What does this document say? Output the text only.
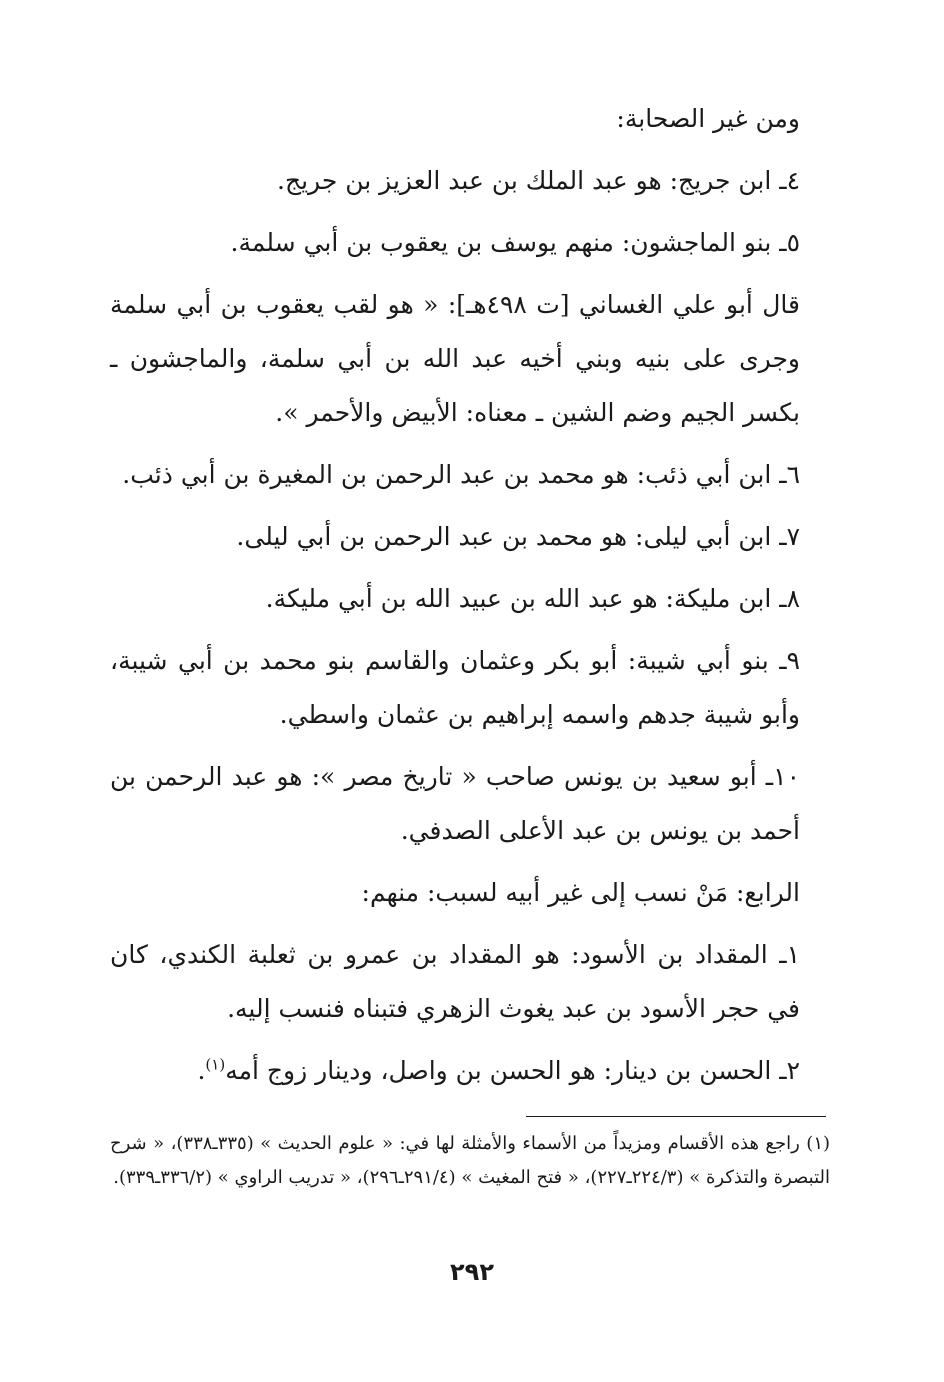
ومن غير الصحابة:

٤ـ ابن جريج: هو عبد الملك بن عبد العزيز بن جريج.

٥ـ بنو الماجشون: منهم يوسف بن يعقوب بن أبي سلمة.

قال أبو علي الغساني [ت ٤٩٨هـ]: « هو لقب يعقوب بن أبي سلمة وجرى على بنيه وبني أخيه عبد الله بن أبي سلمة، والماجشون ـ بكسر الجيم وضم الشين ـ معناه: الأبيض والأحمر ».

٦ـ ابن أبي ذئب: هو محمد بن عبد الرحمن بن المغيرة بن أبي ذئب.

٧ـ ابن أبي ليلى: هو محمد بن عبد الرحمن بن أبي ليلى.

٨ـ ابن مليكة: هو عبد الله بن عبيد الله بن أبي مليكة.

٩ـ بنو أبي شيبة: أبو بكر وعثمان والقاسم بنو محمد بن أبي شيبة، وأبو شيبة جدهم واسمه إبراهيم بن عثمان واسطي.

١٠ـ أبو سعيد بن يونس صاحب « تاريخ مصر »: هو عبد الرحمن بن أحمد بن يونس بن عبد الأعلى الصدفي.

الرابع: مَنْ نسب إلى غير أبيه لسبب: منهم:

١ـ المقداد بن الأسود: هو المقداد بن عمرو بن ثعلبة الكندي، كان في حجر الأسود بن عبد يغوث الزهري فتبناه فنسب إليه.

٢ـ الحسن بن دينار: هو الحسن بن واصل، ودينار زوج أمه$^{(١)}$.

(١) راجع هذه الأقسام ومزيداً من الأسماء والأمثلة لها في: « علوم الحديث » (٣٣٥ـ٣٣٨)، « شرح التبصرة والتذكرة » (٢٢٤/٣ـ٢٢٧)، « فتح المغيث » (٢٩١/٤ـ٢٩٦)، « تدريب الراوي » (٣٣٦/٢ـ٣٣٩).

٢٩٢
